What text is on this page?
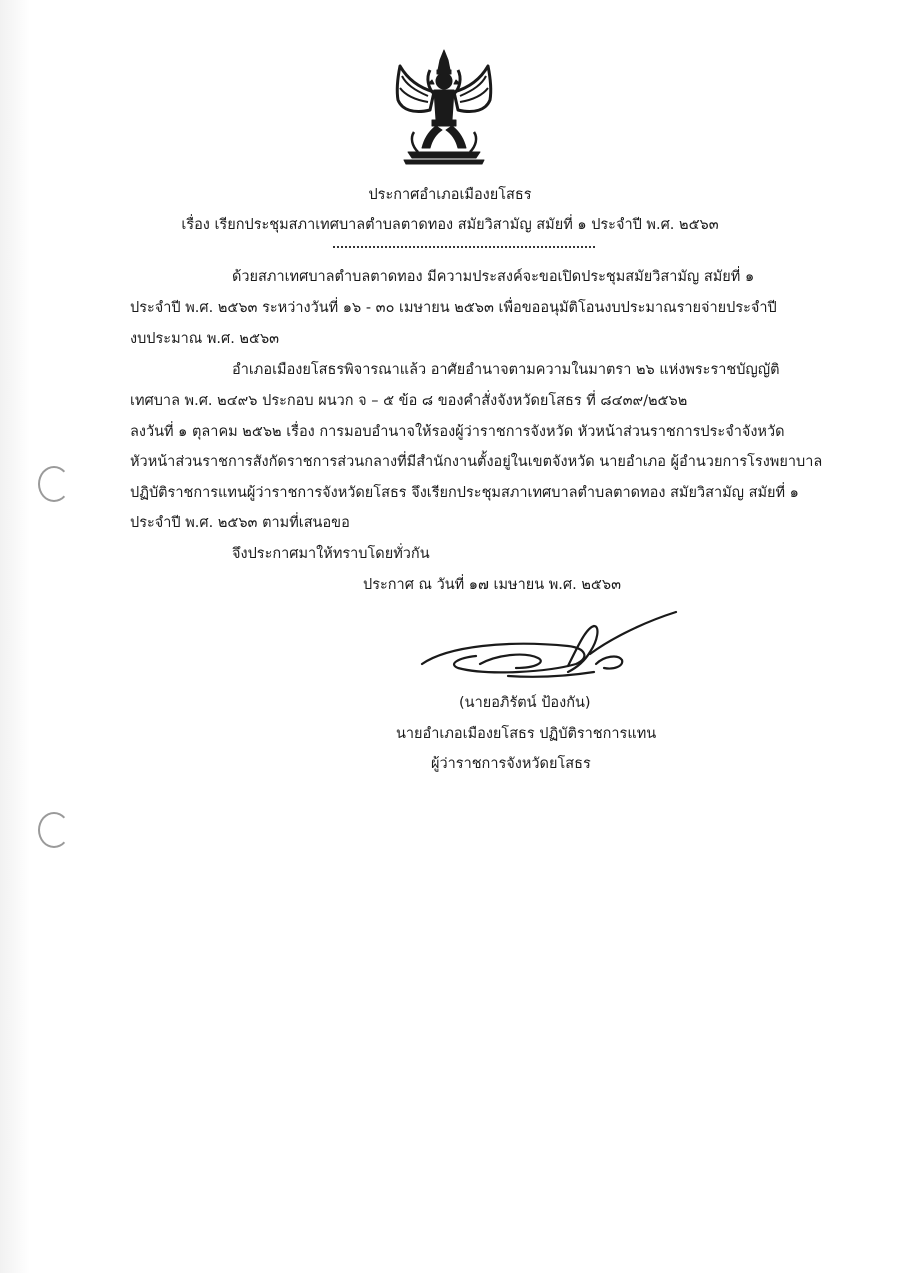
ประกาศอำเภอเมืองยโสธร
เรื่อง เรียกประชุมสภาเทศบาลตำบลตาดทอง สมัยวิสามัญ สมัยที่ ๑ ประจำปี พ.ศ. ๒๕๖๓
ด้วยสภาเทศบาลตำบลตาดทอง มีความประสงค์จะขอเปิดประชุมสมัยวิสามัญ สมัยที่ ๑
ประจำปี พ.ศ. ๒๕๖๓ ระหว่างวันที่ ๑๖ - ๓๐ เมษายน ๒๕๖๓ เพื่อขออนุมัติโอนงบประมาณรายจ่ายประจำปี
งบประมาณ พ.ศ. ๒๕๖๓
อำเภอเมืองยโสธรพิจารณาแล้ว อาศัยอำนาจตามความในมาตรา ๒๖ แห่งพระราชบัญญัติ
เทศบาล พ.ศ. ๒๔๙๖ ประกอบ ผนวก จ – ๕ ข้อ ๘ ของคำสั่งจังหวัดยโสธร ที่ ๘๔๓๙/๒๕๖๒
ลงวันที่ ๑ ตุลาคม ๒๕๖๒ เรื่อง การมอบอำนาจให้รองผู้ว่าราชการจังหวัด หัวหน้าส่วนราชการประจำจังหวัด
หัวหน้าส่วนราชการสังกัดราชการส่วนกลางที่มีสำนักงานตั้งอยู่ในเขตจังหวัด นายอำเภอ ผู้อำนวยการโรงพยาบาล
ปฏิบัติราชการแทนผู้ว่าราชการจังหวัดยโสธร จึงเรียกประชุมสภาเทศบาลตำบลตาดทอง สมัยวิสามัญ สมัยที่ ๑
ประจำปี พ.ศ. ๒๕๖๓ ตามที่เสนอขอ
จึงประกาศมาให้ทราบโดยทั่วกัน
ประกาศ ณ วันที่ ๑๗ เมษายน พ.ศ. ๒๕๖๓
(นายอภิรัตน์ ป้องกัน)
นายอำเภอเมืองยโสธร ปฏิบัติราชการแทน
ผู้ว่าราชการจังหวัดยโสธร
